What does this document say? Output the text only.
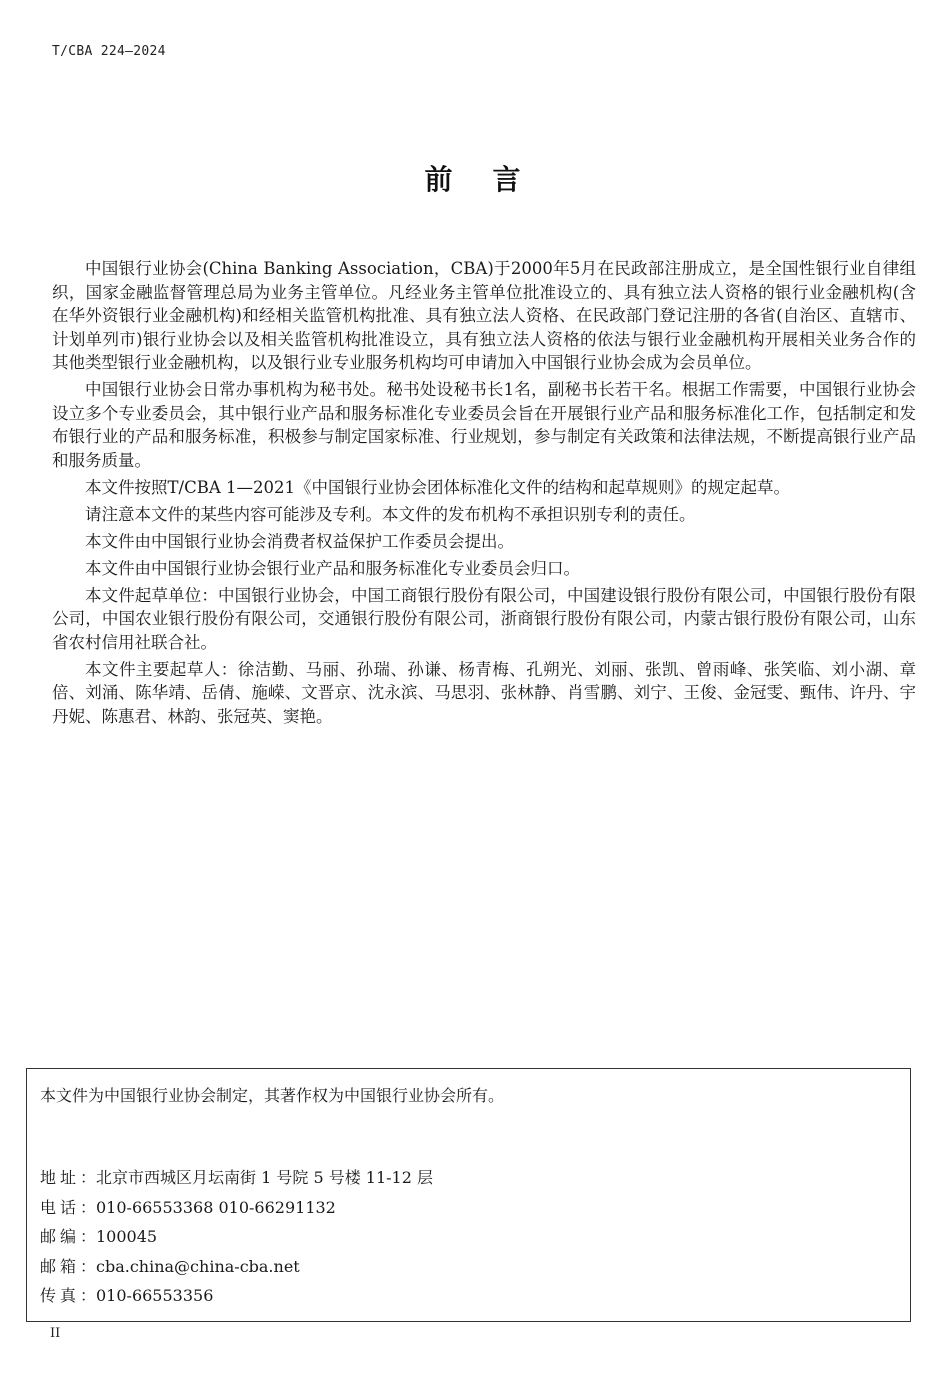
T/CBA 224—2024
前言

中国银行业协会(China Banking Association，CBA)于2000年5月在民政部注册成立，是全国性银行业自律组织，国家金融监督管理总局为业务主管单位。凡经业务主管单位批准设立的、具有独立法人资格的银行业金融机构(含在华外资银行业金融机构)和经相关监管机构批准、具有独立法人资格、在民政部门登记注册的各省(自治区、直辖市、计划单列市)银行业协会以及相关监管机构批准设立，具有独立法人资格的依法与银行业金融机构开展相关业务合作的其他类型银行业金融机构，以及银行业专业服务机构均可申请加入中国银行业协会成为会员单位。

中国银行业协会日常办事机构为秘书处。秘书处设秘书长1名，副秘书长若干名。根据工作需要，中国银行业协会设立多个专业委员会，其中银行业产品和服务标准化专业委员会旨在开展银行业产品和服务标准化工作，包括制定和发布银行业的产品和服务标准，积极参与制定国家标准、行业规划，参与制定有关政策和法律法规，不断提高银行业产品和服务质量。

本文件按照T/CBA 1—2021《中国银行业协会团体标准化文件的结构和起草规则》的规定起草。

请注意本文件的某些内容可能涉及专利。本文件的发布机构不承担识别专利的责任。

本文件由中国银行业协会消费者权益保护工作委员会提出。

本文件由中国银行业协会银行业产品和服务标准化专业委员会归口。

本文件起草单位：中国银行业协会，中国工商银行股份有限公司，中国建设银行股份有限公司，中国银行股份有限公司，中国农业银行股份有限公司，交通银行股份有限公司，浙商银行股份有限公司，内蒙古银行股份有限公司，山东省农村信用社联合社。

本文件主要起草人：徐洁勤、马丽、孙瑞、孙谦、杨青梅、孔朔光、刘丽、张凯、曾雨峰、张笑临、刘小湖、章倍、刘涌、陈华靖、岳倩、施嵘、文晋京、沈永滨、马思羽、张林静、肖雪鹏、刘宁、王俊、金冠雯、甄伟、许丹、宇丹妮、陈惠君、林韵、张冠英、窦艳。

本文件为中国银行业协会制定，其著作权为中国银行业协会所有。
地址：北京市西城区月坛南街 1 号院 5 号楼 11-12 层
电话：010-66553368 010-66291132
邮编：100045
邮箱：cba.china@china-cba.net
传真：010-66553356
II
